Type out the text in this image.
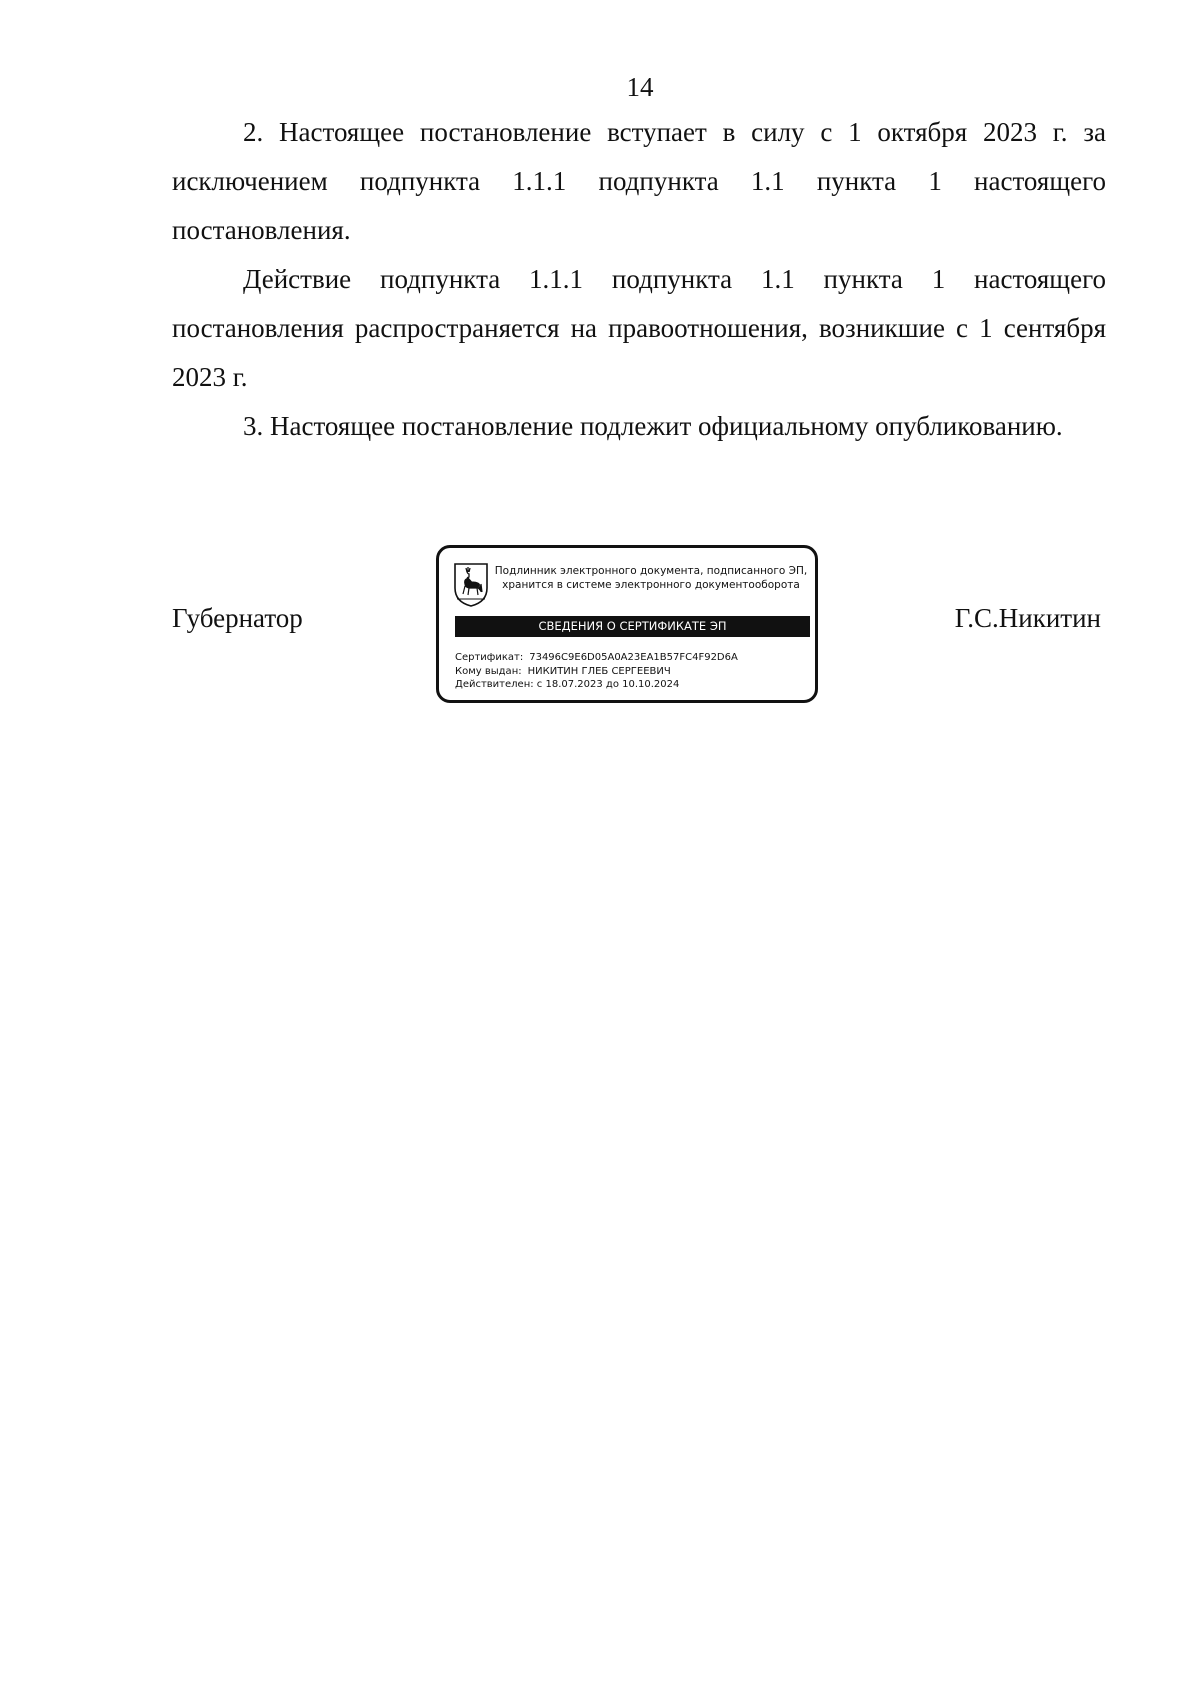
14

2. Настоящее постановление вступает в силу с 1 октября 2023 г. за исключением подпункта 1.1.1 подпункта 1.1 пункта 1 настоящего постановления.

Действие подпункта 1.1.1 подпункта 1.1 пункта 1 настоящего постановления распространяется на правоотношения, возникшие с 1 сентября 2023 г.

3. Настоящее постановление подлежит официальному опубликованию.

Губернатор	Г.С.Никитин
Подлинник электронного документа, подписанного ЭП,
хранится в системе электронного документооборота
СВЕДЕНИЯ О СЕРТИФИКАТЕ ЭП
Сертификат: 73496C9E6D05A0A23EA1B57FC4F92D6A
Кому выдан: НИКИТИН ГЛЕБ СЕРГЕЕВИЧ
Действителен: с 18.07.2023 до 10.10.2024
